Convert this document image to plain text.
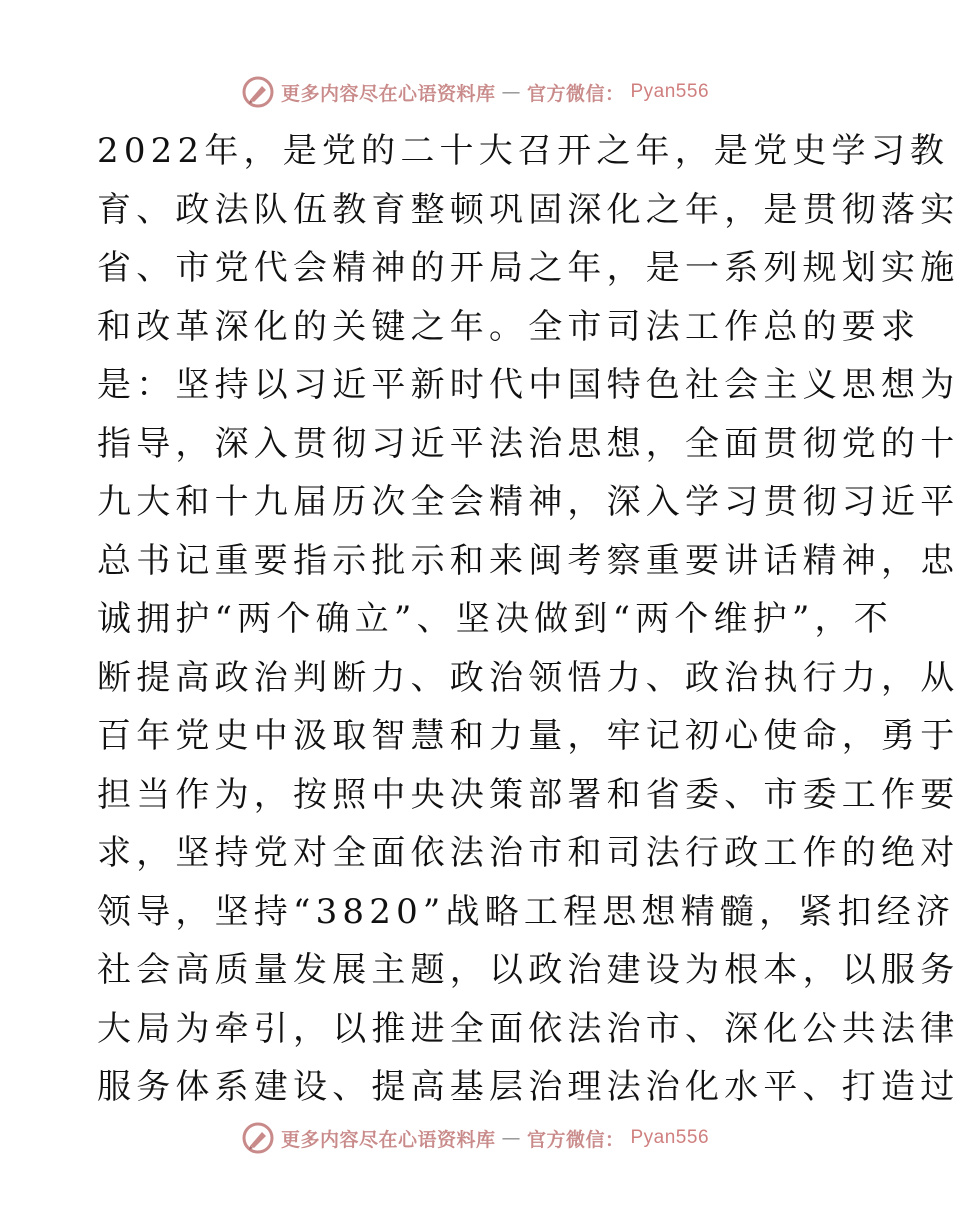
更多内容尽在心语资料库 — 官方微信： Pyan556
2022年，是党的二十大召开之年，是党史学习教
育、政法队伍教育整顿巩固深化之年，是贯彻落实
省、市党代会精神的开局之年，是一系列规划实施
和改革深化的关键之年。全市司法工作总的要求
是：坚持以习近平新时代中国特色社会主义思想为
指导，深入贯彻习近平法治思想，全面贯彻党的十
九大和十九届历次全会精神，深入学习贯彻习近平
总书记重要指示批示和来闽考察重要讲话精神，忠
诚拥护“两个确立”、坚决做到“两个维护”，不
断提高政治判断力、政治领悟力、政治执行力，从
百年党史中汲取智慧和力量，牢记初心使命，勇于
担当作为，按照中央决策部署和省委、市委工作要
求，坚持党对全面依法治市和司法行政工作的绝对
领导，坚持“3820”战略工程思想精髓，紧扣经济
社会高质量发展主题，以政治建设为根本，以服务
大局为牵引，以推进全面依法治市、深化公共法律
服务体系建设、提高基层治理法治化水平、打造过
更多内容尽在心语资料库 — 官方微信： Pyan556
